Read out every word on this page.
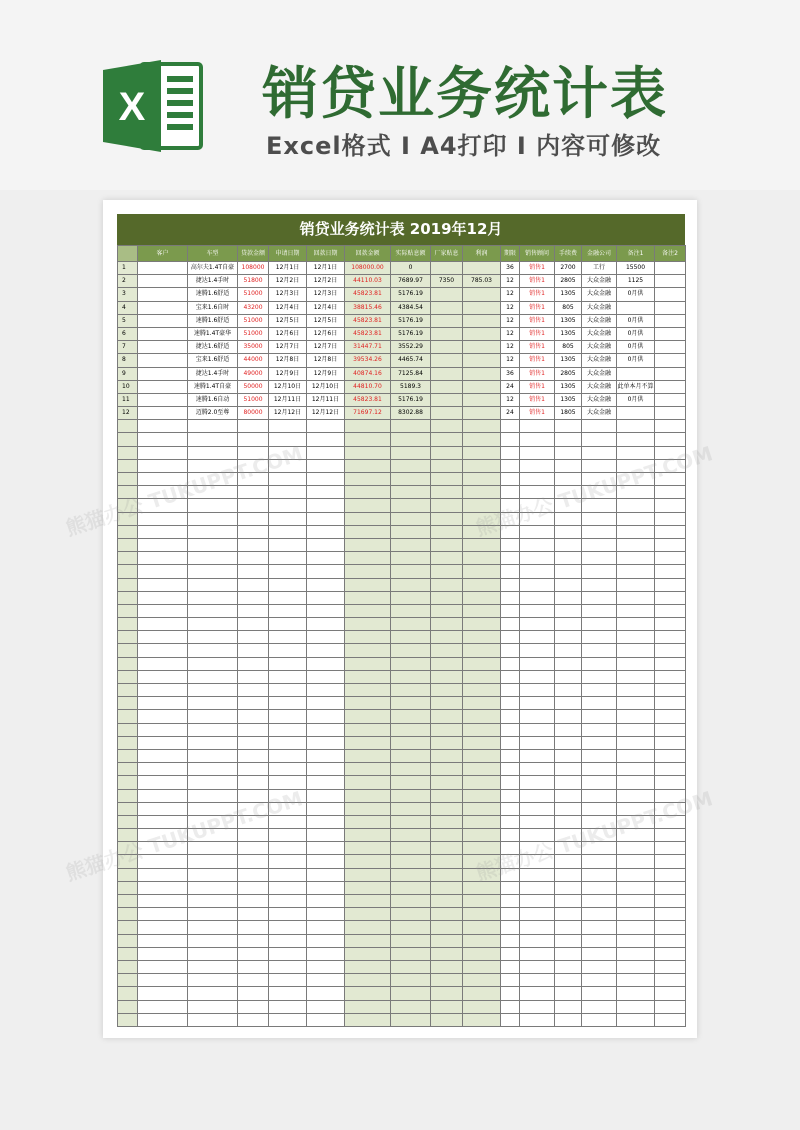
X 销贷业务统计表
Excel格式 I A4打印 I 内容可修改
销贷业务统计表 2019年12月
	客户	车型	贷款金额	申请日期	回款日期	回款金额	实际贴息额	厂家贴息	利润	期限	销售顾问	手续费	金融公司	备注1	备注2
1		高尔夫1.4T自豪	108000	12月1日	12月1日	108000.00	0			36	销售1	2700	工行	15500	
2		捷达1.4手时	51800	12月2日	12月2日	44110.03	7689.97	7350	785.03	12	销售1	2805	大众金融	1125	
3		速腾1.6舒适	51000	12月3日	12月3日	45823.81	5176.19			12	销售1	1305	大众金融	0月供	
4		宝来1.6自时	43200	12月4日	12月4日	38815.46	4384.54			12	销售1	805	大众金融		
5		速腾1.6舒适	51000	12月5日	12月5日	45823.81	5176.19			12	销售1	1305	大众金融	0月供	
6		速腾1.4T豪华	51000	12月6日	12月6日	45823.81	5176.19			12	销售1	1305	大众金融	0月供	
7		捷达1.6舒适	35000	12月7日	12月7日	31447.71	3552.29			12	销售1	805	大众金融	0月供	
8		宝来1.6舒适	44000	12月8日	12月8日	39534.26	4465.74			12	销售1	1305	大众金融	0月供	
9		捷达1.4手时	49000	12月9日	12月9日	40874.16	7125.84			36	销售1	2805	大众金融		
10		速腾1.4T自豪	50000	12月10日	12月10日	44810.70	5189.3			24	销售1	1305	大众金融	此单本月不算	
11		速腾1.6自动	51000	12月11日	12月11日	45823.81	5176.19			12	销售1	1305	大众金融	0月供	
12		迈腾2.0至尊	80000	12月12日	12月12日	71697.12	8302.88			24	销售1	1805	大众金融		
